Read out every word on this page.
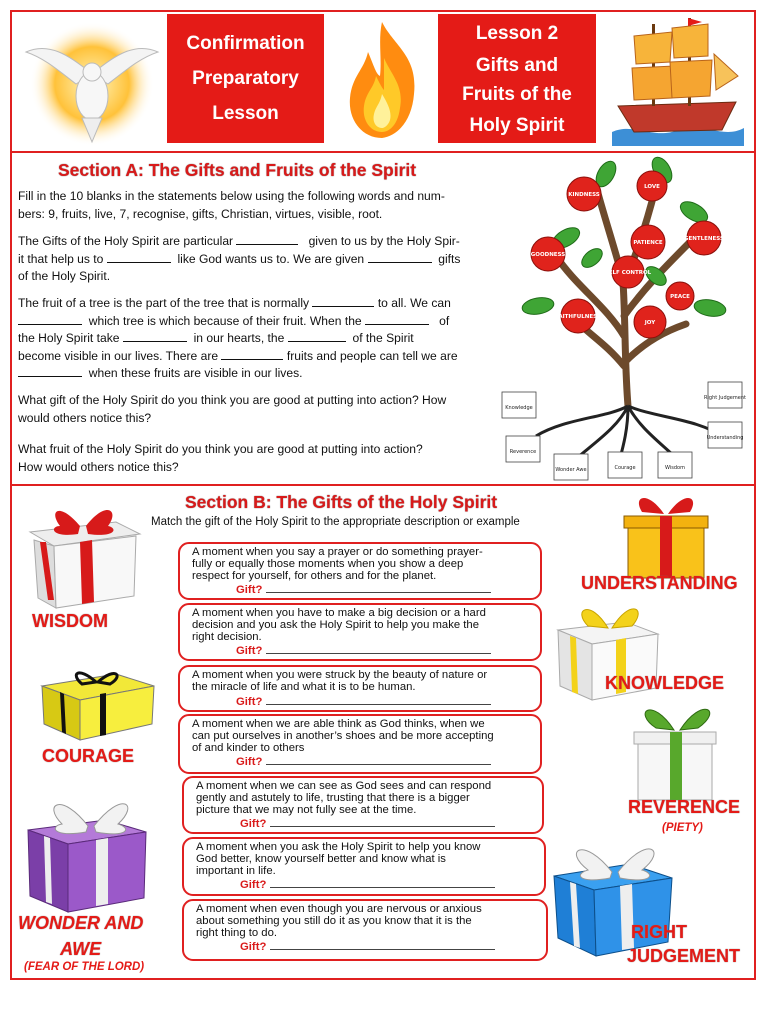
Confirmation
Preparatory
Lesson
Lesson 2
Gifts and
Fruits of the
Holy Spirit
Section A: The Gifts and Fruits of the Spirit
Fill in the 10 blanks in the statements below using the following words and num-
bers: 9, fruits, live, 7, recognise, gifts, Christian, virtues, visible, root.
The Gifts of the Holy Spirit are particular	given to us by the Holy Spir-
it that help us to	like God wants us to. We are given	gifts
of the Holy Spirit.
The fruit of a tree is the part of the tree that is normally	to all. We can
which tree is which because of their fruit. When the	of
the Holy Spirit take	in our hearts, the	of the Spirit
become visible in our lives. There are	fruits and people can tell we are
when these fruits are visible in our lives.
What gift of the Holy Spirit do you think you are good at putting into action? How
would others notice this?
What fruit of the Holy Spirit do you think you are good at putting into action?
How would others notice this?
LOVE
KINDNESS
PATIENCE
GOODNESS
GENTLENESS
SELF CONTROL
FAITHFULNESS
JOY
PEACE
Knowledge
Right Judgement
Understanding
Reverence
Wonder Awe	Courage	Wisdom
Section B: The Gifts of the Holy Spirit
Match the gift of the Holy Spirit to the appropriate description or example
A moment when you say a prayer or do something prayer-
fully or equally those moments when you show a deep
respect for yourself, for others and for the planet.
Gift?
A moment when you have to make a big decision or a hard
decision and you ask the Holy Spirit to help you make the
right decision.
Gift?
A moment when you were struck by the beauty of nature or
the miracle of life and what it is to be human.
Gift?
A moment when we are able think as God thinks, when we
can put ourselves in another’s shoes and be more accepting
of and kinder to others
Gift?
A moment when we can see as God sees and can respond
gently and astutely to life, trusting that there is a bigger
picture that we may not fully see at the time.
Gift?
A moment when you ask the Holy Spirit to help you know
God better, know yourself better and know what is
important in life.
Gift?
A moment when even though you are nervous or anxious
about something you still do it as you know that it is the
right thing to do.
Gift?
WISDOM
COURAGE
WONDER AND
AWE
(FEAR OF THE LORD)
UNDERSTANDING
KNOWLEDGE
REVERENCE
(PIETY)
RIGHT
JUDGEMENT
